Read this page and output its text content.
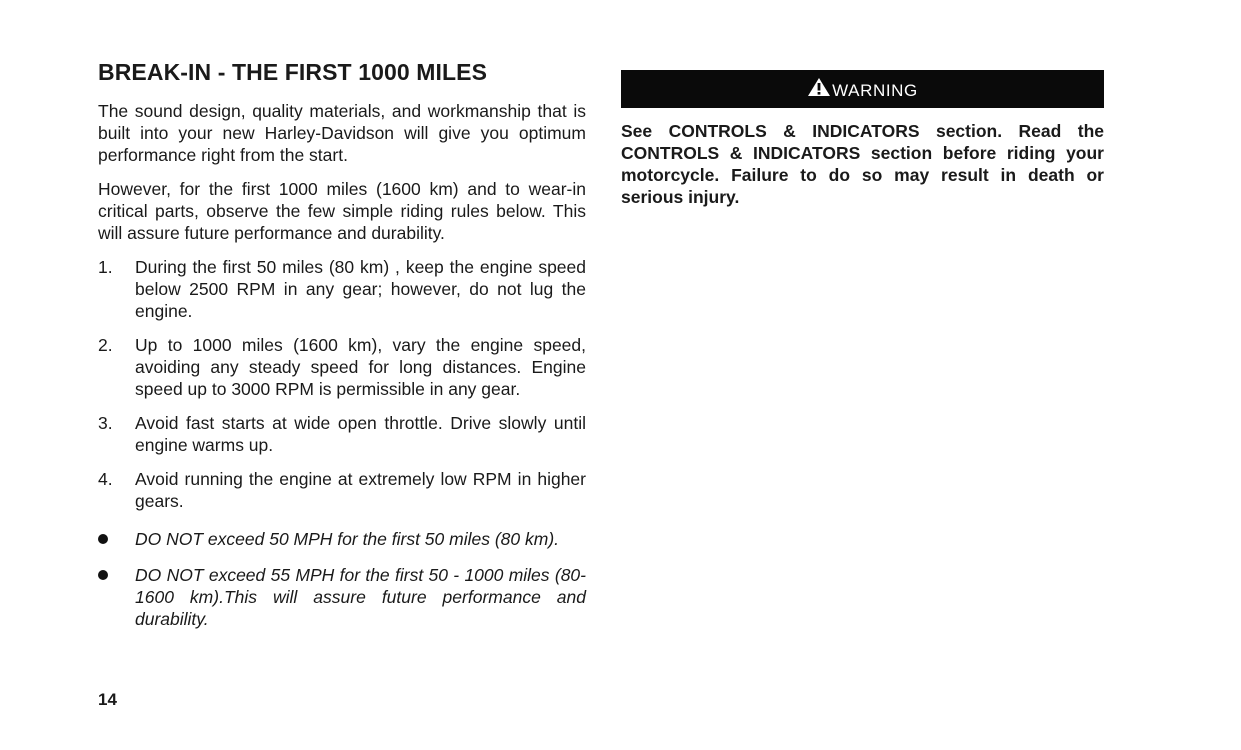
BREAK-IN - THE FIRST 1000 MILES

The sound design, quality materials, and workmanship that is built into your new Harley-Davidson will give you optimum performance right from the start.

However, for the first 1000 miles (1600 km) and to wear-in critical parts, observe the few simple riding rules below. This will assure future performance and durability.

1. During the first 50 miles (80 km) , keep the engine speed below 2500 RPM in any gear; however, do not lug the engine.
2. Up to 1000 miles (1600 km), vary the engine speed, avoiding any steady speed for long distances. Engine speed up to 3000 RPM is permissible in any gear.
3. Avoid fast starts at wide open throttle. Drive slowly until engine warms up.
4. Avoid running the engine at extremely low RPM in higher gears.
DO NOT exceed 50 MPH for the first 50 miles (80 km).
DO NOT exceed 55 MPH for the first 50 - 1000 miles (80-1600 km).This will assure future performance and durability.
WARNING

See CONTROLS & INDICATORS section. Read the CONTROLS & INDICATORS section before riding your motorcycle. Failure to do so may result in death or serious injury.

14
